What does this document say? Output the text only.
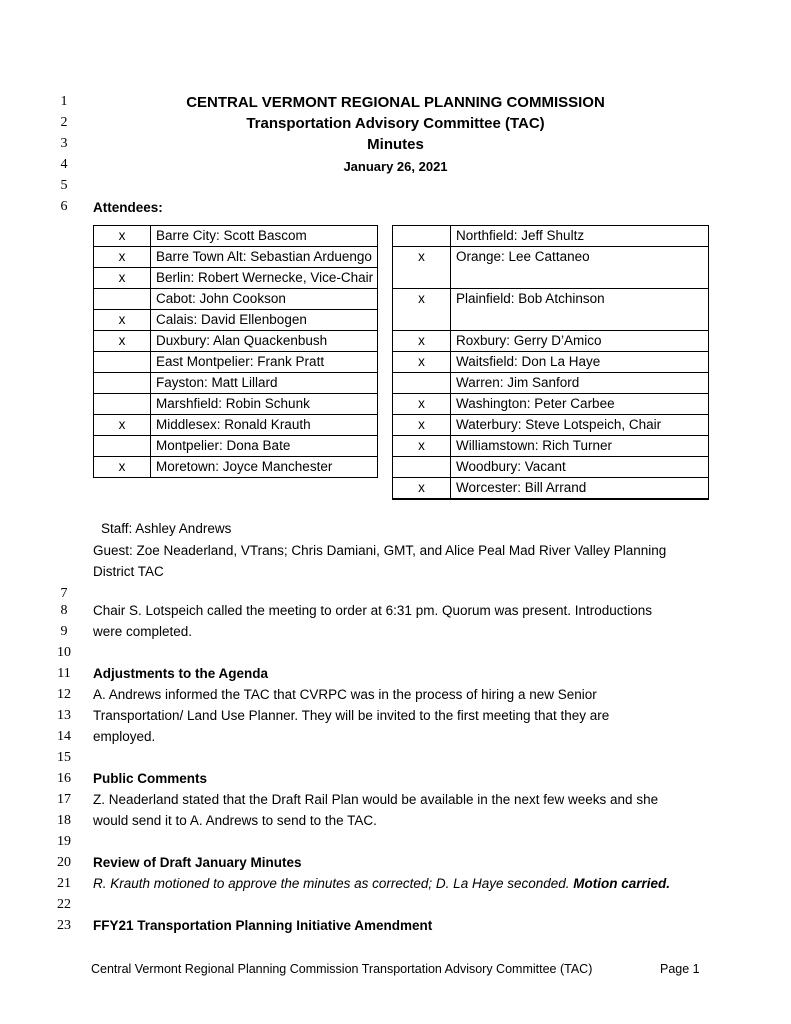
1
2
3
4
5
6
7
8
9
10
11
12
13
14
15
16
17
18
19
20
21
22
23
CENTRAL VERMONT REGIONAL PLANNING COMMISSION
Transportation Advisory Committee (TAC)
Minutes
January 26, 2021
Attendees:
x	Barre City: Scott Bascom
x	Barre Town Alt: Sebastian Arduengo
x	Berlin: Robert Wernecke, Vice-Chair
	Cabot: John Cookson
x	Calais: David Ellenbogen
x	Duxbury: Alan Quackenbush
	East Montpelier: Frank Pratt
	Fayston: Matt Lillard
	Marshfield: Robin Schunk
x	Middlesex: Ronald Krauth
	Montpelier: Dona Bate
x	Moretown: Joyce Manchester
	Northfield: Jeff Shultz
x	Orange: Lee Cattaneo
x	Plainfield: Bob Atchinson
x	Roxbury: Gerry D’Amico
x	Waitsfield: Don La Haye
	Warren: Jim Sanford
x	Washington: Peter Carbee
x	Waterbury: Steve Lotspeich, Chair
x	Williamstown: Rich Turner
	Woodbury: Vacant
x	Worcester: Bill Arrand

Staff: Ashley Andrews
Guest: Zoe Neaderland, VTrans; Chris Damiani, GMT, and Alice Peal Mad River Valley Planning
District TAC
Chair S. Lotspeich called the meeting to order at 6:31 pm. Quorum was present. Introductions
were completed.
Adjustments to the Agenda
A. Andrews informed the TAC that CVRPC was in the process of hiring a new Senior
Transportation/ Land Use Planner. They will be invited to the first meeting that they are
employed.
Public Comments
Z. Neaderland stated that the Draft Rail Plan would be available in the next few weeks and she
would send it to A. Andrews to send to the TAC.
Review of Draft January Minutes
R. Krauth motioned to approve the minutes as corrected; D. La Haye seconded. Motion carried.
FFY21 Transportation Planning Initiative Amendment
Central Vermont Regional Planning Commission Transportation Advisory Committee (TAC)	Page 1
